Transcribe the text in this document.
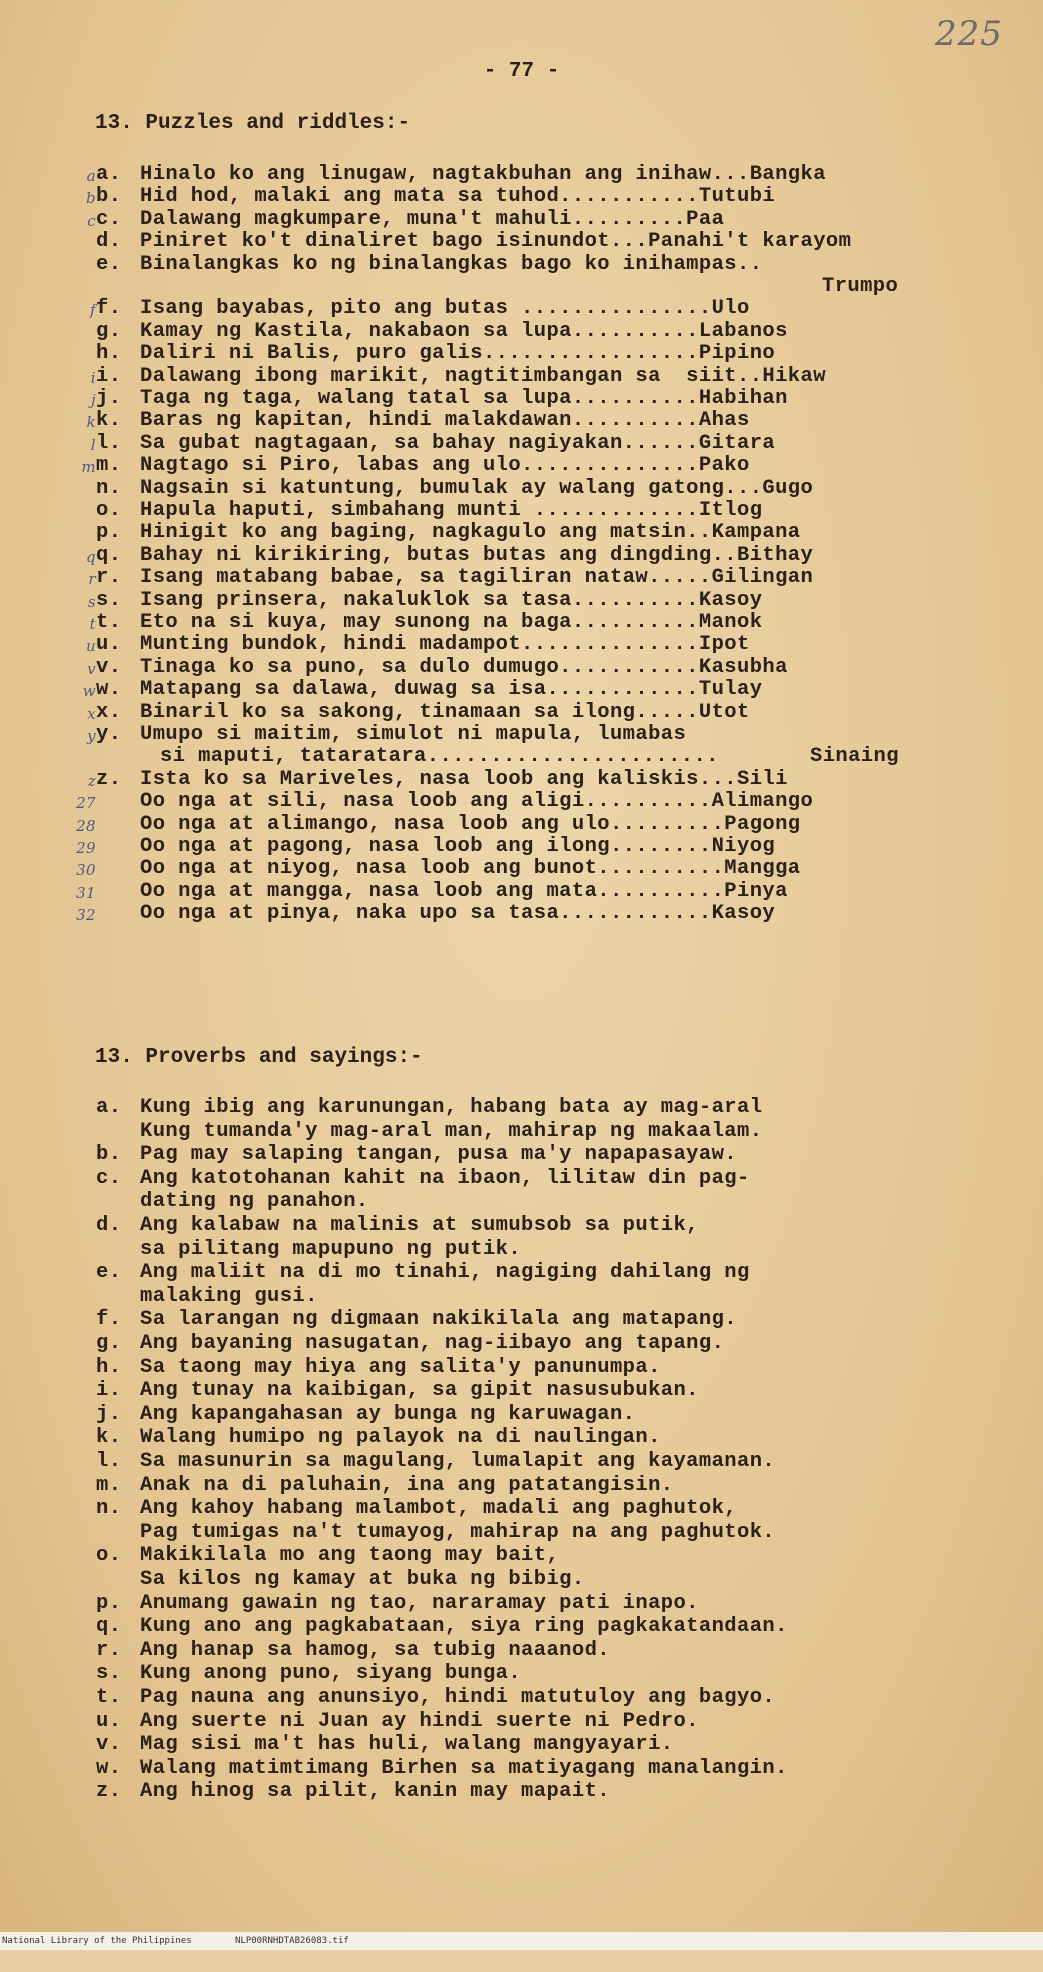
225
- 77 -
13. Puzzles and riddles:-
a a. Hinalo ko ang linugaw, nagtakbuhan ang inihaw...Bangka
b b. Hid hod, malaki ang mata sa tuhod...........Tutubi
c c. Dalawang magkumpare, muna't mahuli.........Paa
d. Piniret ko't dinaliret bago isinundot...Panahi't karayom
e. Binalangkas ko ng binalangkas bago ko inihampas..
Trumpo
f f. Isang bayabas, pito ang butas ...............Ulo
g. Kamay ng Kastila, nakabaon sa lupa..........Labanos
h. Daliri ni Balis, puro galis.................Pipino
i i. Dalawang ibong marikit, nagtitimbangan sa  siit..Hikaw
j j. Taga ng taga, walang tatal sa lupa..........Habihan
k k. Baras ng kapitan, hindi malakdawan..........Ahas
l l. Sa gubat nagtagaan, sa bahay nagiyakan......Gitara
m m. Nagtago si Piro, labas ang ulo..............Pako
n. Nagsain si katuntung, bumulak ay walang gatong...Gugo
o. Hapula haputi, simbahang munti .............Itlog
p. Hinigit ko ang baging, nagkagulo ang matsin..Kampana
q q. Bahay ni kirikiring, butas butas ang dingding..Bithay
r r. Isang matabang babae, sa tagiliran nataw.....Gilingan
s s. Isang prinsera, nakaluklok sa tasa..........Kasoy
t t. Eto na si kuya, may sunong na baga..........Manok
u u. Munting bundok, hindi madampot..............Ipot
v v. Tinaga ko sa puno, sa dulo dumugo...........Kasubha
w w. Matapang sa dalawa, duwag sa isa............Tulay
x x. Binaril ko sa sakong, tinamaan sa ilong.....Utot
y y. Umupo si maitim, simulot ni mapula, lumabas
si maputi, tataratara.......................	Sinaing
z z. Ista ko sa Mariveles, nasa loob ang kaliskis...Sili
27 Oo nga at sili, nasa loob ang aligi..........Alimango
28 Oo nga at alimango, nasa loob ang ulo.........Pagong
29 Oo nga at pagong, nasa loob ang ilong........Niyog
30 Oo nga at niyog, nasa loob ang bunot..........Mangga
31 Oo nga at mangga, nasa loob ang mata..........Pinya
32 Oo nga at pinya, naka upo sa tasa............Kasoy
13. Proverbs and sayings:-
a. Kung ibig ang karunungan, habang bata ay mag-aral
Kung tumanda'y mag-aral man, mahirap ng makaalam.
b. Pag may salaping tangan, pusa ma'y napapasayaw.
c. Ang katotohanan kahit na ibaon, lilitaw din pag-
dating ng panahon.
d. Ang kalabaw na malinis at sumubsob sa putik,
sa pilitang mapupuno ng putik.
e. Ang maliit na di mo tinahi, nagiging dahilang ng
malaking gusi.
f. Sa larangan ng digmaan nakikilala ang matapang.
g. Ang bayaning nasugatan, nag-iibayo ang tapang.
h. Sa taong may hiya ang salita'y panunumpa.
i. Ang tunay na kaibigan, sa gipit nasusubukan.
j. Ang kapangahasan ay bunga ng karuwagan.
k. Walang humipo ng palayok na di naulingan.
l. Sa masunurin sa magulang, lumalapit ang kayamanan.
m. Anak na di paluhain, ina ang patatangisin.
n. Ang kahoy habang malambot, madali ang paghutok,
Pag tumigas na't tumayog, mahirap na ang paghutok.
o. Makikilala mo ang taong may bait,
Sa kilos ng kamay at buka ng bibig.
p. Anumang gawain ng tao, nararamay pati inapo.
q. Kung ano ang pagkabataan, siya ring pagkakatandaan.
r. Ang hanap sa hamog, sa tubig naaanod.
s. Kung anong puno, siyang bunga.
t. Pag nauna ang anunsiyo, hindi matutuloy ang bagyo.
u. Ang suerte ni Juan ay hindi suerte ni Pedro.
v. Mag sisi ma't has huli, walang mangyayari.
w. Walang matimtimang Birhen sa matiyagang manalangin.
z. Ang hinog sa pilit, kanin may mapait.

National Library of the Philippines

	NLP00RNHDTAB26083.tif
